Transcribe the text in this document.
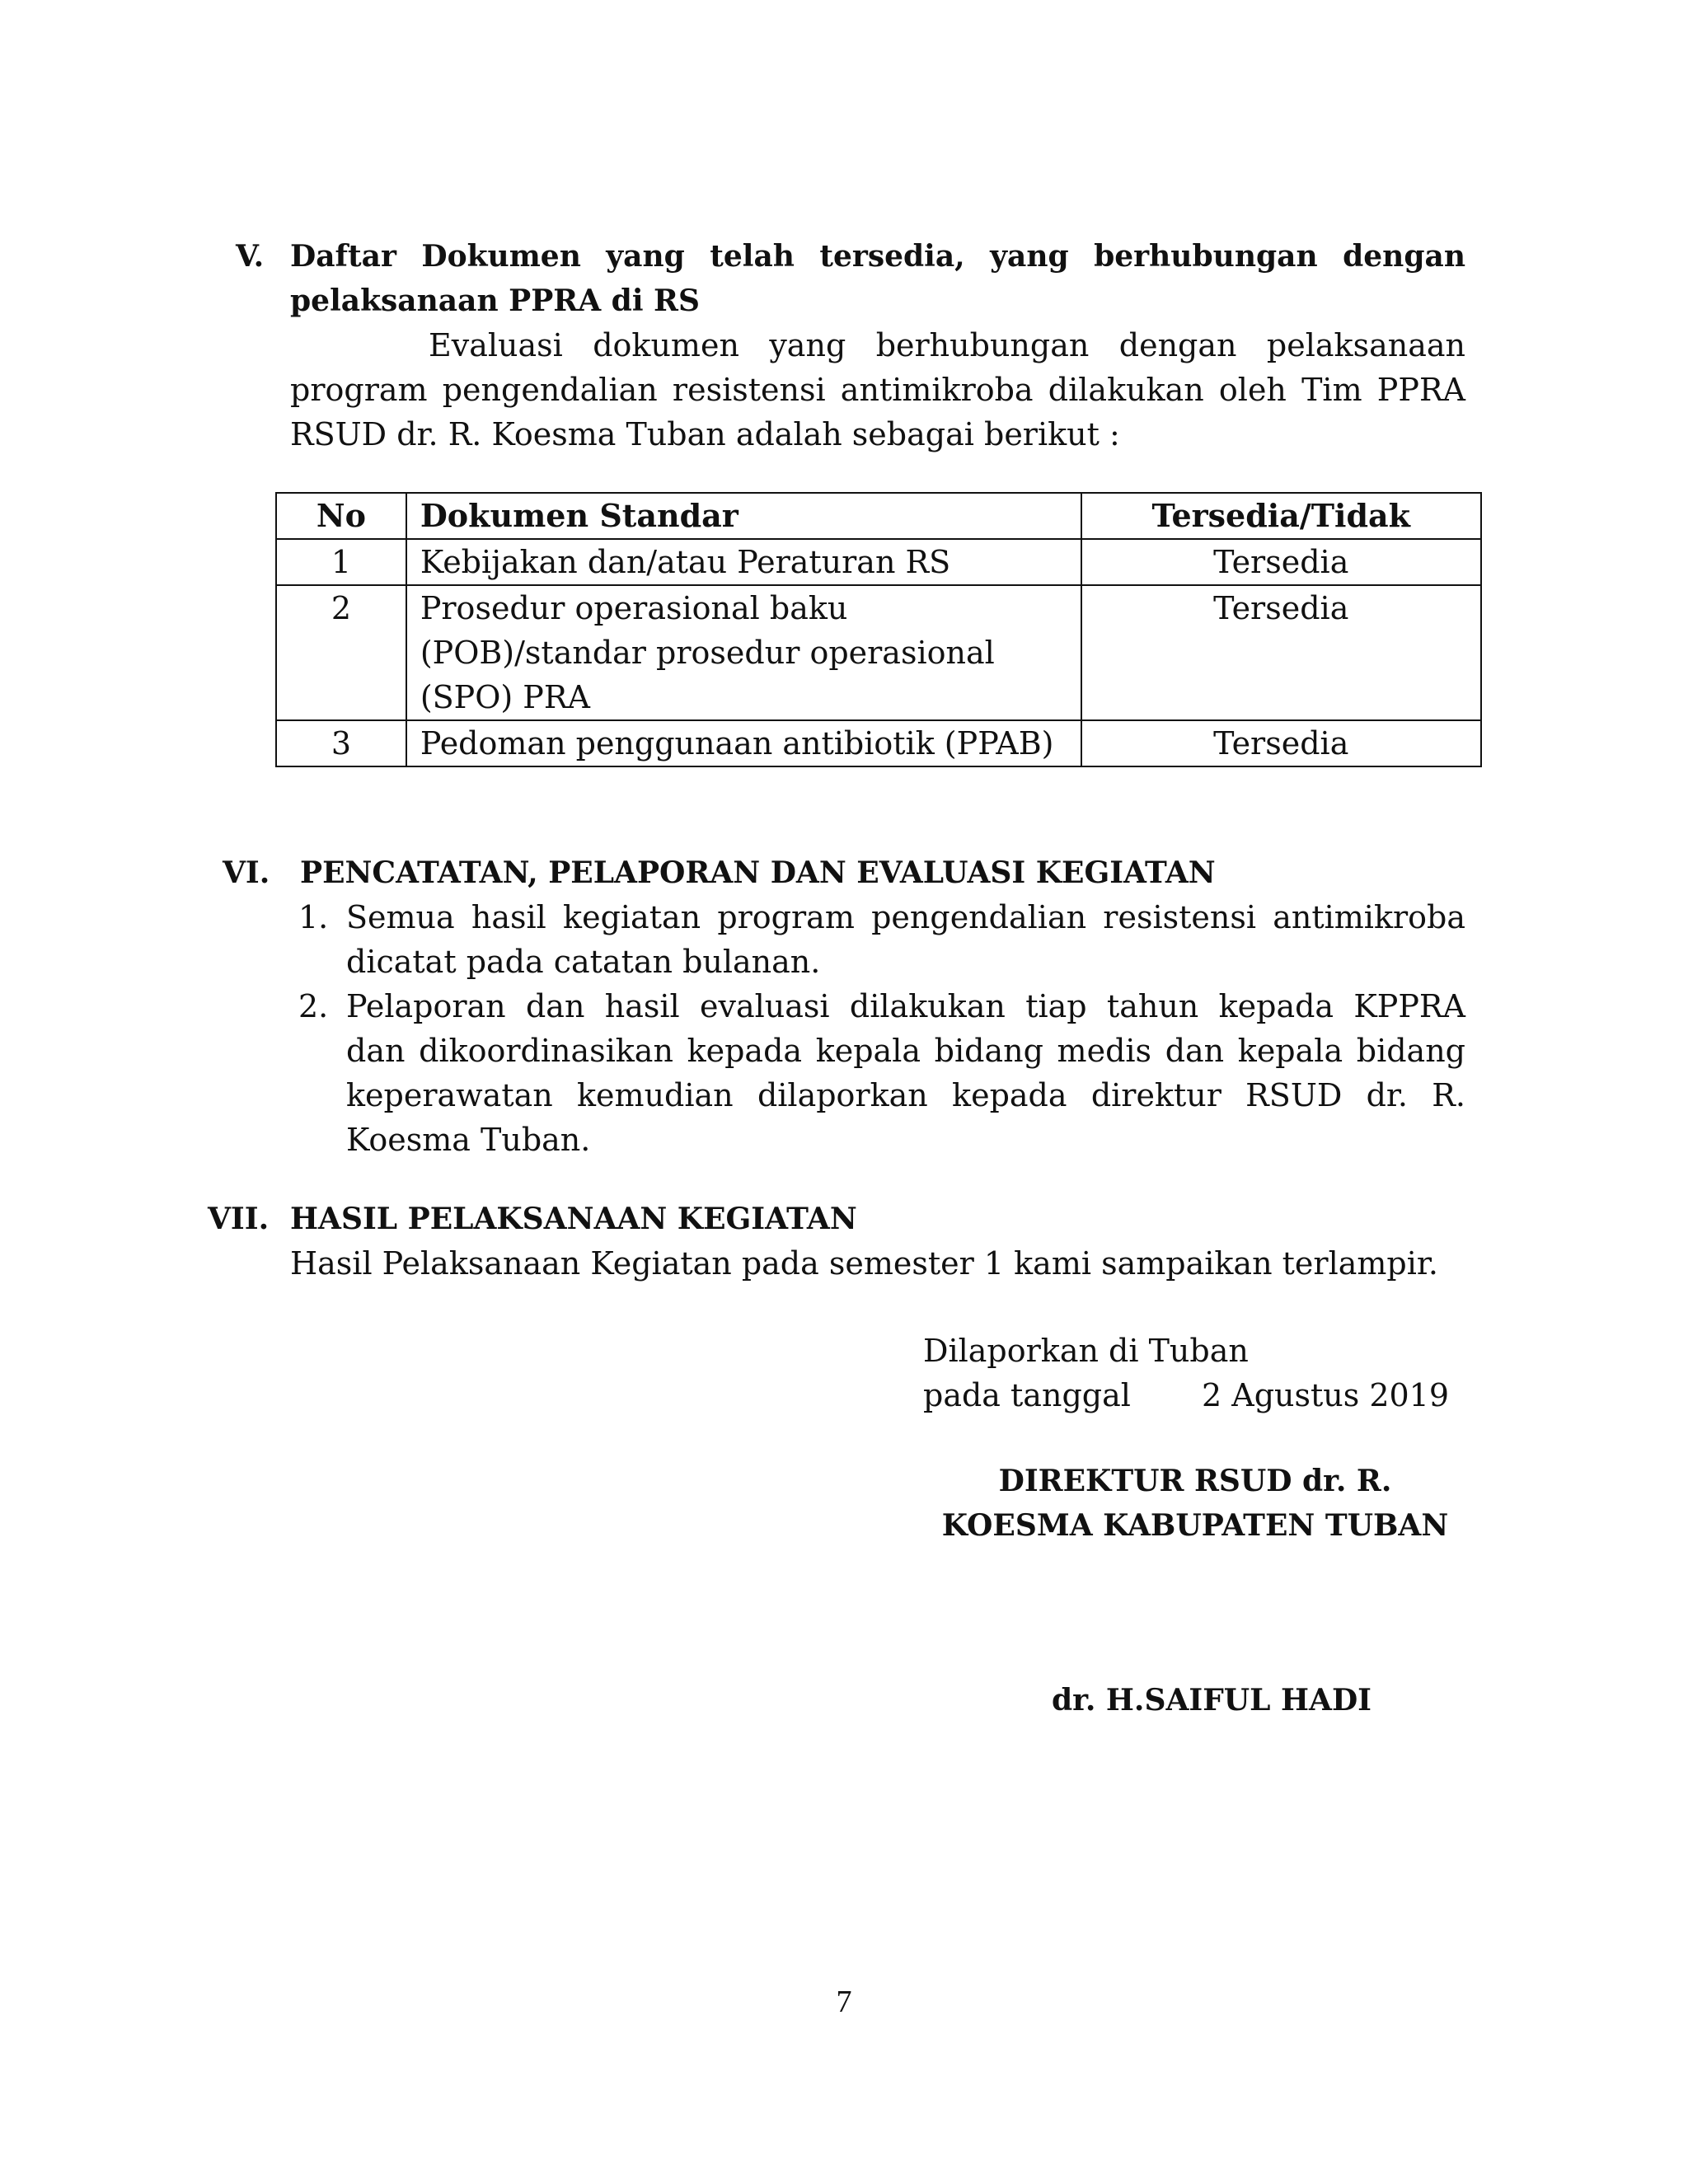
V. Daftar Dokumen yang telah tersedia, yang berhubungan dengan
pelaksanaan PPRA di RS
Evaluasi dokumen yang berhubungan dengan pelaksanaan
program pengendalian resistensi antimikroba dilakukan oleh Tim PPRA
RSUD dr. R. Koesma Tuban adalah sebagai berikut :
No	Dokumen Standar	Tersedia/Tidak
1	Kebijakan dan/atau Peraturan RS	Tersedia
2	Prosedur operasional baku
(POB)/standar prosedur operasional
(SPO) PRA	Tersedia
3	Pedoman penggunaan antibiotik (PPAB)	Tersedia
VI. PENCATATAN, PELAPORAN DAN EVALUASI KEGIATAN
1. Semua hasil kegiatan program pengendalian resistensi antimikroba
dicatat pada catatan bulanan.
2. Pelaporan dan hasil evaluasi dilakukan tiap tahun kepada KPPRA
dan dikoordinasikan kepada kepala bidang medis dan kepala bidang
keperawatan kemudian dilaporkan kepada direktur RSUD dr. R.
Koesma Tuban.
VII. HASIL PELAKSANAAN KEGIATAN
Hasil Pelaksanaan Kegiatan pada semester 1 kami sampaikan terlampir.
Dilaporkan di Tuban
pada tanggal 2 Agustus 2019
DIREKTUR RSUD dr. R.
KOESMA KABUPATEN TUBAN
dr. H.SAIFUL HADI
7
